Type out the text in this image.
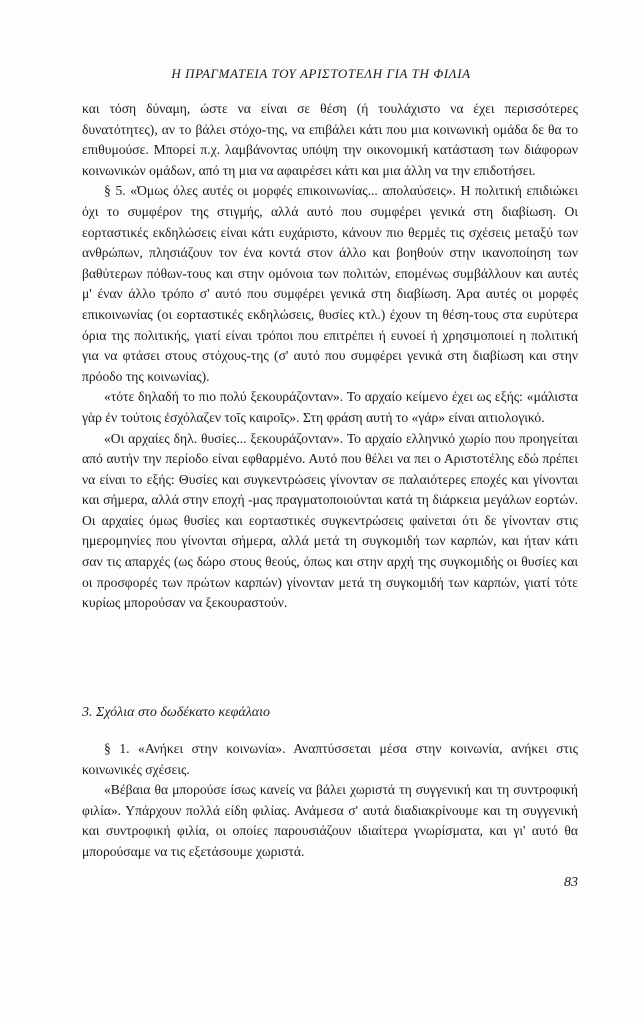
Η ΠΡΑΓΜΑΤΕΙΑ ΤΟΥ ΑΡΙΣΤΟΤΕΛΗ ΓΙΑ ΤΗ ΦΙΛΙΑ

και τόση δύναμη, ώστε να είναι σε θέση (ή τουλάχιστο να έχει περισσότερες δυνατότητες), αν το βάλει στόχο-της, να επιβάλει κάτι που μια κοινωνική ομάδα δε θα το επιθυμούσε. Μπορεί π.χ. λαμβάνοντας υπόψη την οικονομική κατάσταση των διάφορων κοινωνικών ομάδων, από τη μια να αφαιρέσει κάτι και μια άλλη να την επιδοτήσει.

§ 5. «Όμως όλες αυτές οι μορφές επικοινωνίας... απολαύσεις». Η πολιτική επιδιώκει όχι το συμφέρον της στιγμής, αλλά αυτό που συμφέρει γενικά στη διαβίωση. Οι εορταστικές εκδηλώσεις είναι κάτι ευχάριστο, κάνουν πιο θερμές τις σχέσεις μεταξύ των ανθρώπων, πλησιάζουν τον ένα κοντά στον άλλο και βοηθούν στην ικανοποίηση των βαθύτερων πόθων-τους και στην ομόνοια των πολιτών, επομένως συμβάλλουν και αυτές μ' έναν άλλο τρόπο σ' αυτό που συμφέρει γενικά στη διαβίωση. Άρα αυτές οι μορφές επικοινωνίας (οι εορταστικές εκδηλώσεις, θυσίες κτλ.) έχουν τη θέση-τους στα ευρύτερα όρια της πολιτικής, γιατί είναι τρόποι που επιτρέπει ή ευνοεί ή χρησιμοποιεί η πολιτική για να φτάσει στους στόχους-της (σ' αυτό που συμφέρει γενικά στη διαβίωση και στην πρόοδο της κοινωνίας).

«τότε δηλαδή το πιο πολύ ξεκουράζονταν». Το αρχαίο κείμενο έχει ως εξής: «μάλιστα γὰρ ἐν τούτοις ἐσχόλαζεν τοῖς καιροῖς». Στη φράση αυτή το «γάρ» είναι αιτιολογικό.

«Οι αρχαίες δηλ. θυσίες... ξεκουράζονταν». Το αρχαίο ελληνικό χωρίο που προηγείται από αυτήν την περίοδο είναι εφθαρμένο. Αυτό που θέλει να πει ο Αριστοτέλης εδώ πρέπει να είναι το εξής: Θυσίες και συγκεντρώσεις γίνονταν σε παλαιότερες εποχές και γίνονται και σήμερα, αλλά στην εποχή -μας πραγματοποιούνται κατά τη διάρκεια μεγάλων εορτών. Οι αρχαίες όμως θυσίες και εορταστικές συγκεντρώσεις φαίνεται ότι δε γίνονταν στις ημερομηνίες που γίνονται σήμερα, αλλά μετά τη συγκομιδή των καρπών, και ήταν κάτι σαν τις απαρχές (ως δώρο στους θεούς, όπως και στην αρχή της συγκομιδής οι θυσίες και οι προσφορές των πρώτων καρπών) γίνονταν μετά τη συγκομιδή των καρπών, γιατί τότε κυρίως μπορούσαν να ξεκουραστούν.

3. Σχόλια στο δωδέκατο κεφάλαιο

§ 1. «Ανήκει στην κοινωνία». Αναπτύσσεται μέσα στην κοινωνία, ανήκει στις κοινωνικές σχέσεις.

«Βέβαια θα μπορούσε ίσως κανείς να βάλει χωριστά τη συγγενική και τη συντροφική φιλία». Υπάρχουν πολλά είδη φιλίας. Ανάμεσα σ' αυτά διαδιακρίνουμε και τη συγγενική και συντροφική φιλία, οι οποίες παρουσιάζουν ιδιαίτερα γνωρίσματα, και γι' αυτό θα μπορούσαμε να τις εξετάσουμε χωριστά.

83
